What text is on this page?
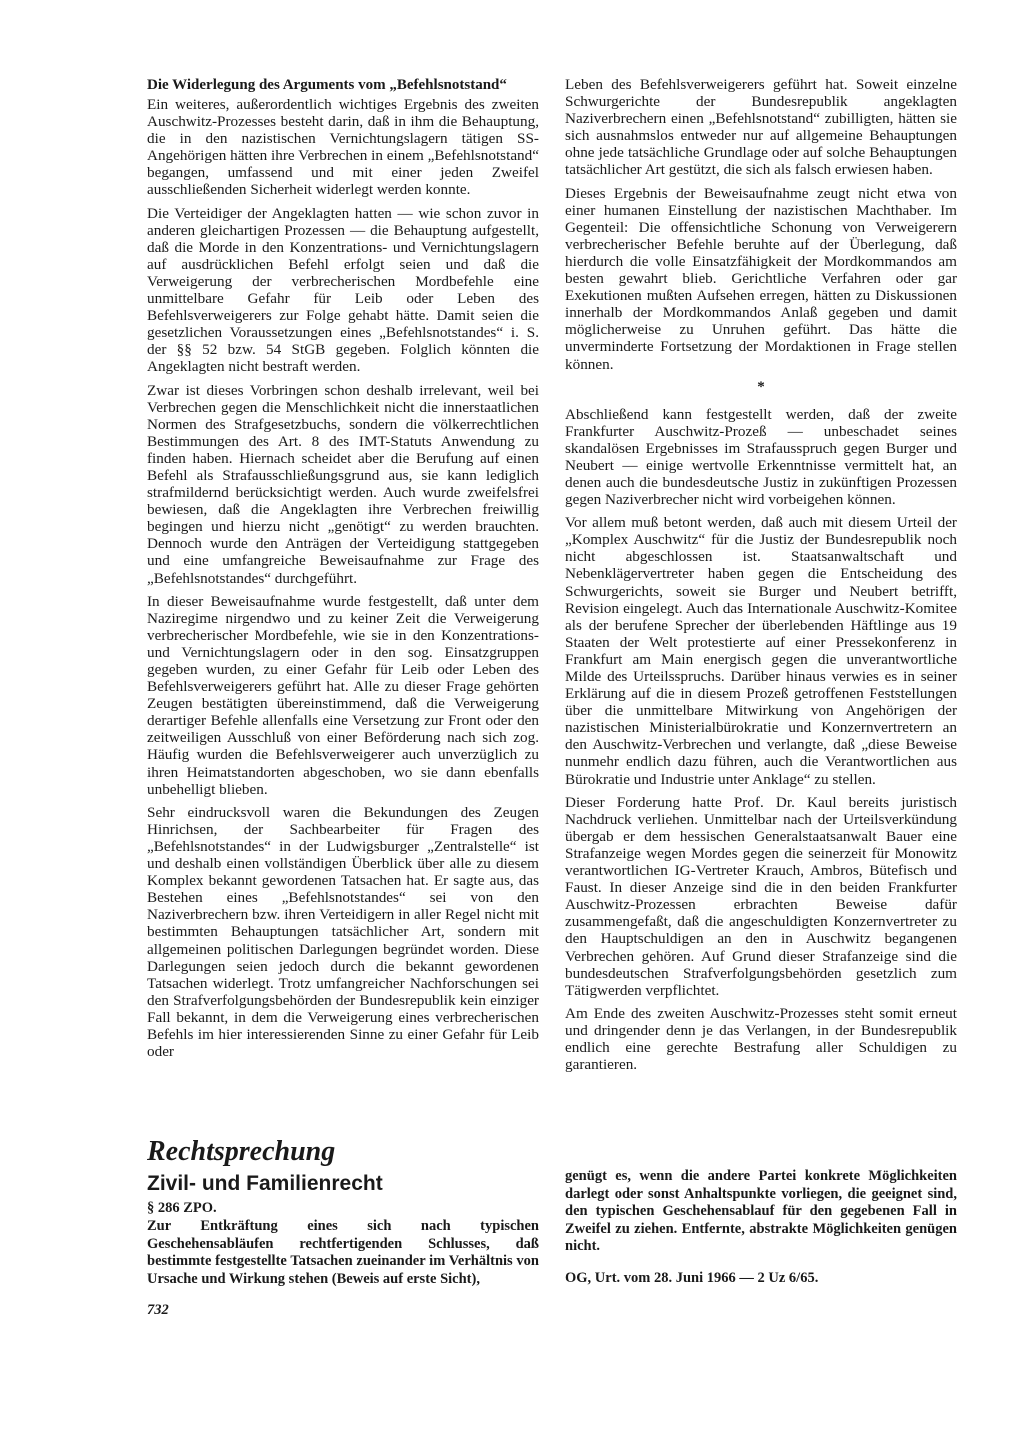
Die Widerlegung des Arguments vom „Befehlsnotstand“

Ein weiteres, außerordentlich wichtiges Ergebnis des zweiten Auschwitz-Prozesses besteht darin, daß in ihm die Behauptung, die in den nazistischen Vernichtungslagern tätigen SS-Angehörigen hätten ihre Verbrechen in einem „Befehlsnotstand“ begangen, umfassend und mit einer jeden Zweifel ausschließenden Sicherheit widerlegt werden konnte.

Die Verteidiger der Angeklagten hatten — wie schon zuvor in anderen gleichartigen Prozessen — die Behauptung aufgestellt, daß die Morde in den Konzentrations- und Vernichtungslagern auf ausdrücklichen Befehl erfolgt seien und daß die Verweigerung der verbrecherischen Mordbefehle eine unmittelbare Gefahr für Leib oder Leben des Befehlsverweigerers zur Folge gehabt hätte. Damit seien die gesetzlichen Voraussetzungen eines „Befehlsnotstandes“ i. S. der §§ 52 bzw. 54 StGB gegeben. Folglich könnten die Angeklagten nicht bestraft werden.

Zwar ist dieses Vorbringen schon deshalb irrelevant, weil bei Verbrechen gegen die Menschlichkeit nicht die innerstaatlichen Normen des Strafgesetzbuchs, sondern die völkerrechtlichen Bestimmungen des Art. 8 des IMT-Statuts Anwendung zu finden haben. Hiernach scheidet aber die Berufung auf einen Befehl als Strafausschließungsgrund aus, sie kann lediglich strafmildernd berücksichtigt werden. Auch wurde zweifelsfrei bewiesen, daß die Angeklagten ihre Verbrechen freiwillig begingen und hierzu nicht „genötigt“ zu werden brauchten. Dennoch wurde den Anträgen der Verteidigung stattgegeben und eine umfangreiche Beweisaufnahme zur Frage des „Befehlsnotstandes“ durchgeführt.

In dieser Beweisaufnahme wurde festgestellt, daß unter dem Naziregime nirgendwo und zu keiner Zeit die Verweigerung verbrecherischer Mordbefehle, wie sie in den Konzentrations- und Vernichtungslagern oder in den sog. Einsatzgruppen gegeben wurden, zu einer Gefahr für Leib oder Leben des Befehlsverweigerers geführt hat. Alle zu dieser Frage gehörten Zeugen bestätigten übereinstimmend, daß die Verweigerung derartiger Befehle allenfalls eine Versetzung zur Front oder den zeitweiligen Ausschluß von einer Beförderung nach sich zog. Häufig wurden die Befehlsverweigerer auch unverzüglich zu ihren Heimatstandorten abgeschoben, wo sie dann ebenfalls unbehelligt blieben.

Sehr eindrucksvoll waren die Bekundungen des Zeugen Hinrichsen, der Sachbearbeiter für Fragen des „Befehlsnotstandes“ in der Ludwigsburger „Zentralstelle“ ist und deshalb einen vollständigen Überblick über alle zu diesem Komplex bekannt gewordenen Tatsachen hat. Er sagte aus, das Bestehen eines „Befehlsnotstandes“ sei von den Naziverbrechern bzw. ihren Verteidigern in aller Regel nicht mit bestimmten Behauptungen tatsächlicher Art, sondern mit allgemeinen politischen Darlegungen begründet worden. Diese Darlegungen seien jedoch durch die bekannt gewordenen Tatsachen widerlegt. Trotz umfangreicher Nachforschungen sei den Strafverfolgungsbehörden der Bundesrepublik kein einziger Fall bekannt, in dem die Verweigerung eines verbrecherischen Befehls im hier interessierenden Sinne zu einer Gefahr für Leib oder

Leben des Befehlsverweigerers geführt hat. Soweit einzelne Schwurgerichte der Bundesrepublik angeklagten Naziverbrechern einen „Befehlsnotstand“ zubilligten, hätten sie sich ausnahmslos entweder nur auf allgemeine Behauptungen ohne jede tatsächliche Grundlage oder auf solche Behauptungen tatsächlicher Art gestützt, die sich als falsch erwiesen haben.

Dieses Ergebnis der Beweisaufnahme zeugt nicht etwa von einer humanen Einstellung der nazistischen Machthaber. Im Gegenteil: Die offensichtliche Schonung von Verweigerern verbrecherischer Befehle beruhte auf der Überlegung, daß hierdurch die volle Einsatzfähigkeit der Mordkommandos am besten gewahrt blieb. Gerichtliche Verfahren oder gar Exekutionen mußten Aufsehen erregen, hätten zu Diskussionen innerhalb der Mordkommandos Anlaß gegeben und damit möglicherweise zu Unruhen geführt. Das hätte die unverminderte Fortsetzung der Mordaktionen in Frage stellen können.

*

Abschließend kann festgestellt werden, daß der zweite Frankfurter Auschwitz-Prozeß — unbeschadet seines skandalösen Ergebnisses im Strafausspruch gegen Burger und Neubert — einige wertvolle Erkenntnisse vermittelt hat, an denen auch die bundesdeutsche Justiz in zukünftigen Prozessen gegen Naziverbrecher nicht wird vorbeigehen können.

Vor allem muß betont werden, daß auch mit diesem Urteil der „Komplex Auschwitz“ für die Justiz der Bundesrepublik noch nicht abgeschlossen ist. Staatsanwaltschaft und Nebenklägervertreter haben gegen die Entscheidung des Schwurgerichts, soweit sie Burger und Neubert betrifft, Revision eingelegt. Auch das Internationale Auschwitz-Komitee als der berufene Sprecher der überlebenden Häftlinge aus 19 Staaten der Welt protestierte auf einer Pressekonferenz in Frankfurt am Main energisch gegen die unverantwortliche Milde des Urteilsspruchs. Darüber hinaus verwies es in seiner Erklärung auf die in diesem Prozeß getroffenen Feststellungen über die unmittelbare Mitwirkung von Angehörigen der nazistischen Ministerialbürokratie und Konzernvertretern an den Auschwitz-Verbrechen und verlangte, daß „diese Beweise nunmehr endlich dazu führen, auch die Verantwortlichen aus Bürokratie und Industrie unter Anklage“ zu stellen.

Dieser Forderung hatte Prof. Dr. Kaul bereits juristisch Nachdruck verliehen. Unmittelbar nach der Urteilsverkündung übergab er dem hessischen Generalstaatsanwalt Bauer eine Strafanzeige wegen Mordes gegen die seinerzeit für Monowitz verantwortlichen IG-Vertreter Krauch, Ambros, Bütefisch und Faust. In dieser Anzeige sind die in den beiden Frankfurter Auschwitz-Prozessen erbrachten Beweise dafür zusammengefaßt, daß die angeschuldigten Konzernvertreter zu den Hauptschuldigen an den in Auschwitz begangenen Verbrechen gehören. Auf Grund dieser Strafanzeige sind die bundesdeutschen Strafverfolgungsbehörden gesetzlich zum Tätigwerden verpflichtet.

Am Ende des zweiten Auschwitz-Prozesses steht somit erneut und dringender denn je das Verlangen, in der Bundesrepublik endlich eine gerechte Bestrafung aller Schuldigen zu garantieren.

Rechtsprechung
Zivil- und Familienrecht
§ 286 ZPO.

Zur Entkräftung eines sich nach typischen Geschehensabläufen rechtfertigenden Schlusses, daß bestimmte festgestellte Tatsachen zueinander im Verhältnis von Ursache und Wirkung stehen (Beweis auf erste Sicht),

genügt es, wenn die andere Partei konkrete Möglichkeiten darlegt oder sonst Anhaltspunkte vorliegen, die geeignet sind, den typischen Geschehensablauf für den gegebenen Fall in Zweifel zu ziehen. Entfernte, abstrakte Möglichkeiten genügen nicht.

OG, Urt. vom 28. Juni 1966 — 2 Uz 6/65.
732
